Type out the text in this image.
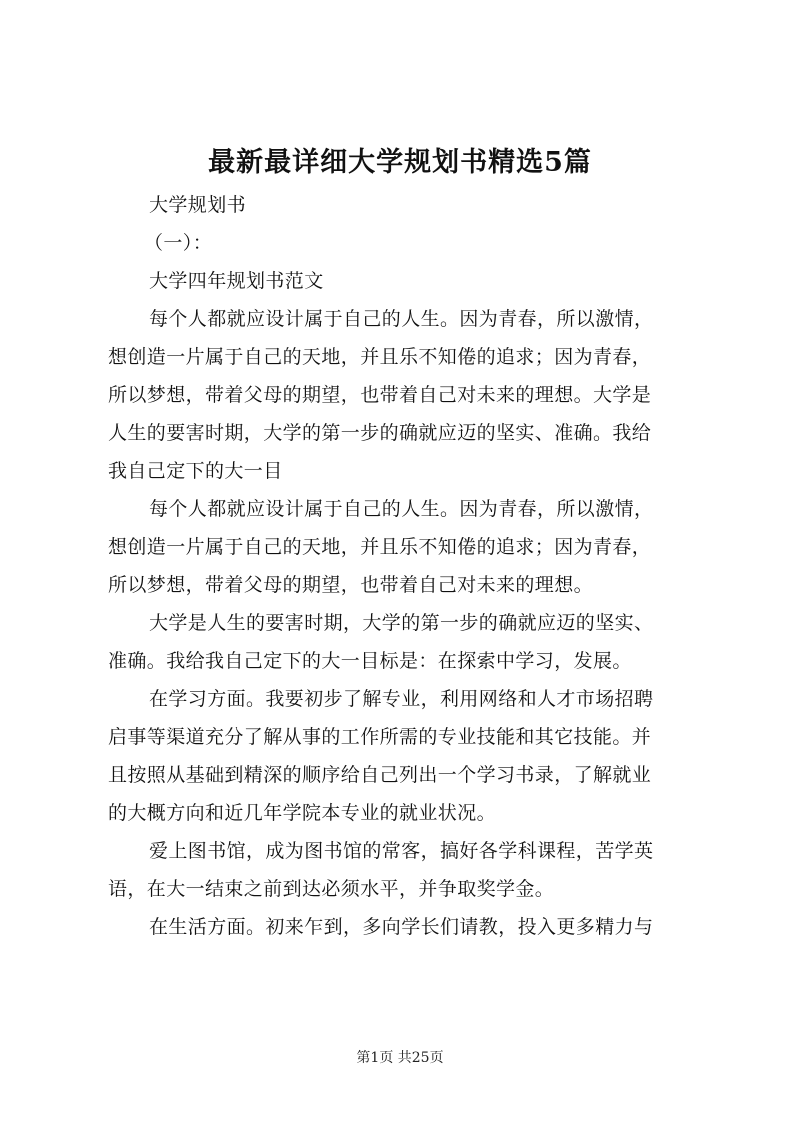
最新最详细大学规划书精选5篇
大学规划书
（一）：
大学四年规划书范文
每个人都就应设计属于自己的人生。因为青春，所以激情，
想创造一片属于自己的天地，并且乐不知倦的追求；因为青春，
所以梦想，带着父母的期望，也带着自己对未来的理想。大学是
人生的要害时期，大学的第一步的确就应迈的坚实、准确。我给
我自己定下的大一目
每个人都就应设计属于自己的人生。因为青春，所以激情，
想创造一片属于自己的天地，并且乐不知倦的追求；因为青春，
所以梦想，带着父母的期望，也带着自己对未来的理想。
大学是人生的要害时期，大学的第一步的确就应迈的坚实、
准确。我给我自己定下的大一目标是：在探索中学习，发展。
在学习方面。我要初步了解专业，利用网络和人才市场招聘
启事等渠道充分了解从事的工作所需的专业技能和其它技能。并
且按照从基础到精深的顺序给自己列出一个学习书录，了解就业
的大概方向和近几年学院本专业的就业状况。
爱上图书馆，成为图书馆的常客，搞好各学科课程，苦学英
语，在大一结束之前到达必须水平，并争取奖学金。
在生活方面。初来乍到，多向学长们请教，投入更多精力与
第1页 共25页
